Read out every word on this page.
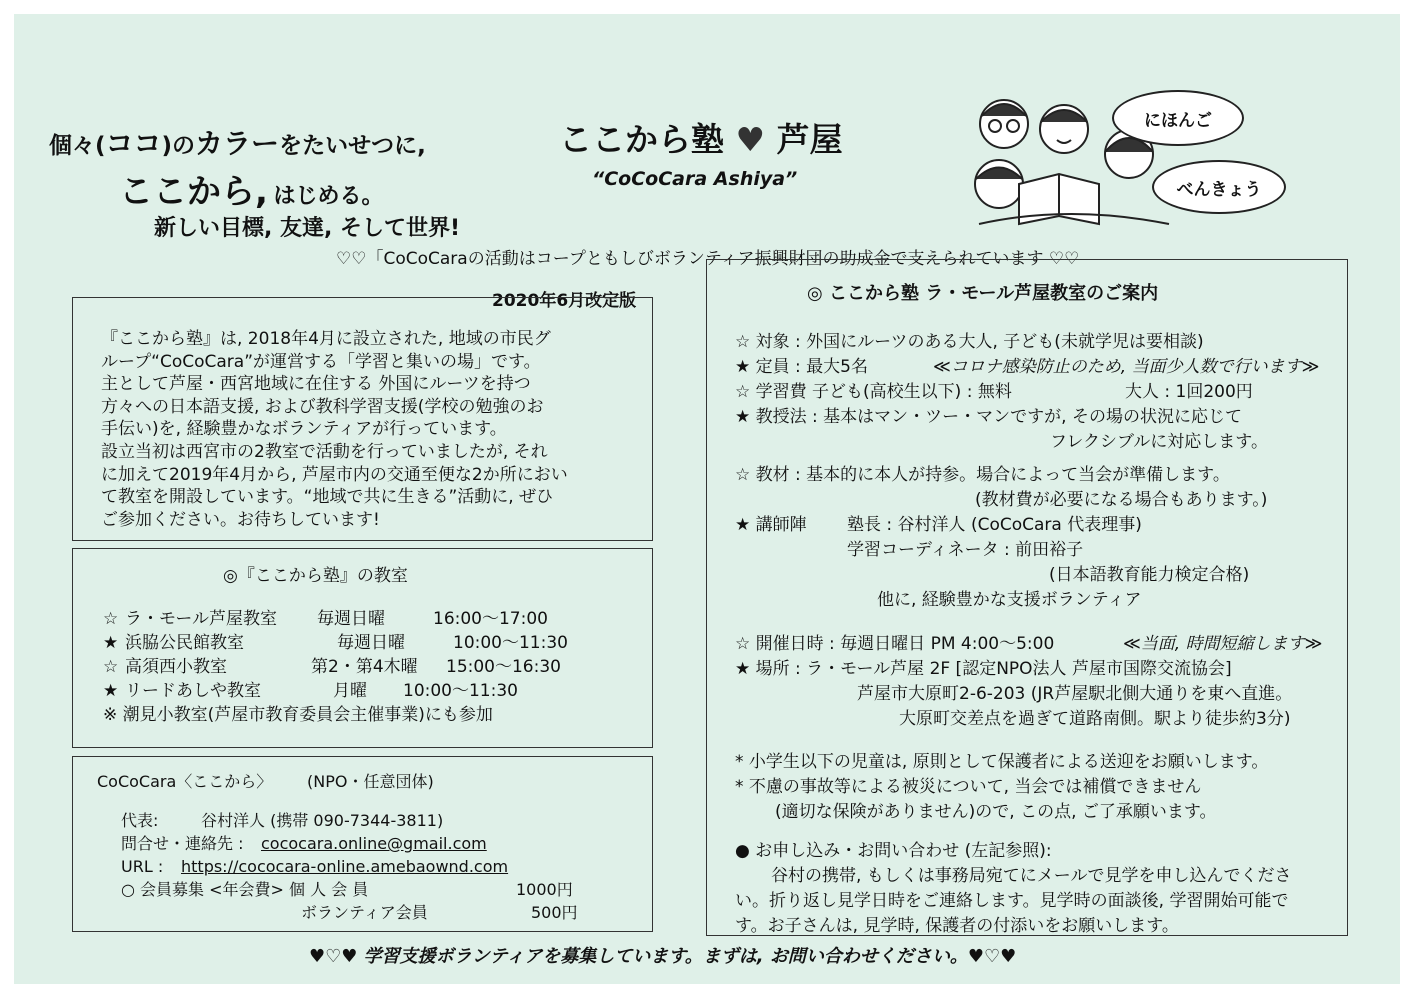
個々(ココ)のカラーをたいせつに,
ここから, はじめる。
新しい目標, 友達, そして世界!
ここから塾 ♥ 芦屋
“CoCoCara Ashiya”
にほんご
べんきょう
♡♡「CoCoCaraの活動はコープともしびボランティア振興財団の助成金で支えられています ♡♡
2020年6月改定版
『ここから塾』は, 2018年4月に設立された, 地域の市民グ
ループ“CoCoCara”が運営する「学習と集いの場」です。
主として芦屋・西宮地域に在住する 外国にルーツを持つ
方々への日本語支援, および教科学習支援(学校の勉強のお
手伝い)を, 経験豊かなボランティアが行っています。
設立当初は西宮市の2教室で活動を行っていましたが, それ
に加えて2019年4月から, 芦屋市内の交通至便な2か所におい
て教室を開設しています。“地域で共に生きる”活動に, ぜひ
ご参加ください。お待ちしています!
◎『ここから塾』の教室
☆ ラ・モール芦屋教室 毎週日曜	16:00〜17:00
★ 浜脇公民館教室	毎週日曜	10:00〜11:30
☆ 高須西小教室	第2・第4木曜 15:00〜16:30
★ リードあしや教室	月曜 10:00〜11:30
※ 潮見小教室(芦屋市教育委員会主催事業)にも参加
CoCoCara〈ここから〉 (NPO・任意団体)
代表:	谷村洋人 (携帯 090-7344-3811)
問合せ・連絡先 : cococara.online@gmail.com
URL : https://cococara-online.amebaownd.com
○ 会員募集 <年会費> 個 人 会 員	1000円
ボランティア会員	500円
◎ ここから塾 ラ・モール芦屋教室のご案内
☆ 対象 : 外国にルーツのある大人, 子ども(未就学児は要相談)
★ 定員 : 最大5名	≪コロナ感染防止のため, 当面少人数で行います≫
☆ 学習費 子ども(高校生以下) : 無料	大人 : 1回200円
★ 教授法 : 基本はマン・ツー・マンですが, その場の状況に応じて
フレクシブルに対応します。
☆ 教材 : 基本的に本人が持参。場合によって当会が準備します。
(教材費が必要になる場合もあります。)
★ 講師陣 塾長 : 谷村洋人 (CoCoCara 代表理事)
学習コーディネータ : 前田裕子
(日本語教育能力検定合格)
他に, 経験豊かな支援ボランティア
☆ 開催日時 : 毎週日曜日 PM 4:00〜5:00	≪当面, 時間短縮します≫
★ 場所 : ラ・モール芦屋 2F [認定NPO法人 芦屋市国際交流協会]
芦屋市大原町2-6-203 (JR芦屋駅北側大通りを東へ直進。
大原町交差点を過ぎて道路南側。駅より徒歩約3分)
* 小学生以下の児童は, 原則として保護者による送迎をお願いします。
* 不慮の事故等による被災について, 当会では補償できません
(適切な保険がありません)ので, この点, ご了承願います。
● お申し込み・お問い合わせ (左記参照):
谷村の携帯, もしくは事務局宛てにメールで見学を申し込んでくださ
い。折り返し見学日時をご連絡します。見学時の面談後, 学習開始可能で
す。お子さんは, 見学時, 保護者の付添いをお願いします。
♥♡♥ 学習支援ボランティアを募集しています。まずは, お問い合わせください。♥♡♥
